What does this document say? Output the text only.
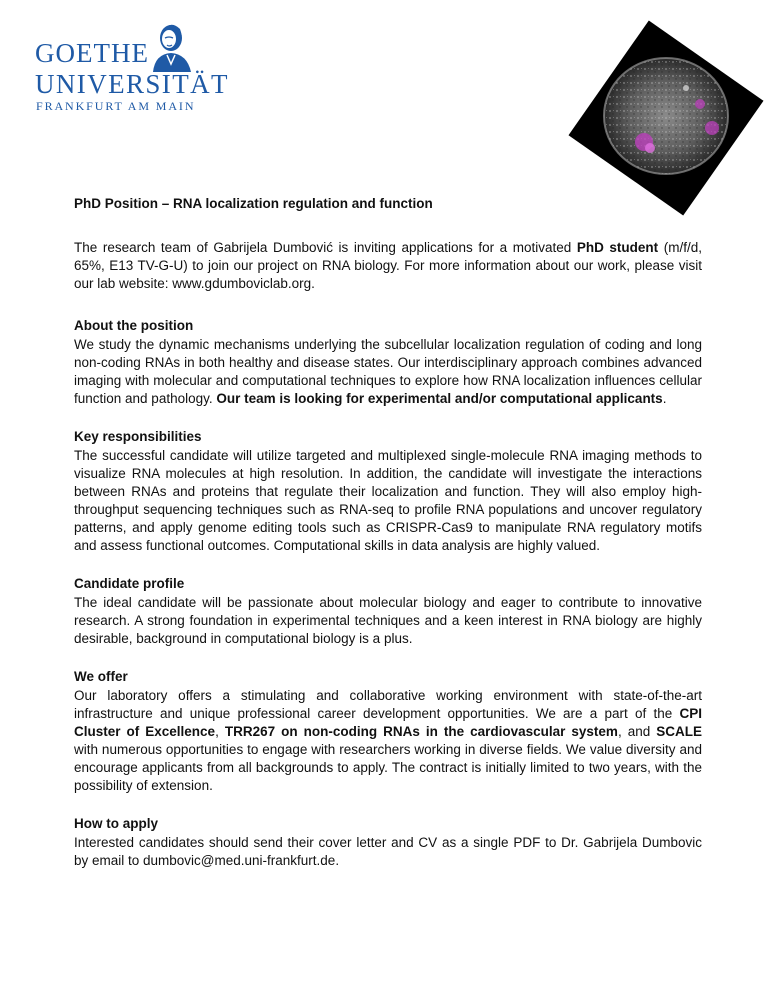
GOETHE
UNIVERSITÄT
FRANKFURT AM MAIN
PhD Position – RNA localization regulation and function

The research team of Gabrijela Dumbović is inviting applications for a motivated PhD student (m/f/d, 65%, E13 TV-G-U) to join our project on RNA biology. For more information about our work, please visit our lab website: www.gdumboviclab.org.

About the position

We study the dynamic mechanisms underlying the subcellular localization regulation of coding and long non-coding RNAs in both healthy and disease states. Our interdisciplinary approach combines advanced imaging with molecular and computational techniques to explore how RNA localization influences cellular function and pathology. Our team is looking for experimental and/or computational applicants.

Key responsibilities

The successful candidate will utilize targeted and multiplexed single-molecule RNA imaging methods to visualize RNA molecules at high resolution. In addition, the candidate will investigate the interactions between RNAs and proteins that regulate their localization and function. They will also employ high-throughput sequencing techniques such as RNA-seq to profile RNA populations and uncover regulatory patterns, and apply genome editing tools such as CRISPR-Cas9 to manipulate RNA regulatory motifs and assess functional outcomes. Computational skills in data analysis are highly valued.

Candidate profile

The ideal candidate will be passionate about molecular biology and eager to contribute to innovative research. A strong foundation in experimental techniques and a keen interest in RNA biology are highly desirable, background in computational biology is a plus.

We offer

Our laboratory offers a stimulating and collaborative working environment with state-of-the-art infrastructure and unique professional career development opportunities. We are a part of the CPI Cluster of Excellence, TRR267 on non-coding RNAs in the cardiovascular system, and SCALE with numerous opportunities to engage with researchers working in diverse fields. We value diversity and encourage applicants from all backgrounds to apply. The contract is initially limited to two years, with the possibility of extension.

How to apply

Interested candidates should send their cover letter and CV as a single PDF to Dr. Gabrijela Dumbovic by email to dumbovic@med.uni-frankfurt.de.
